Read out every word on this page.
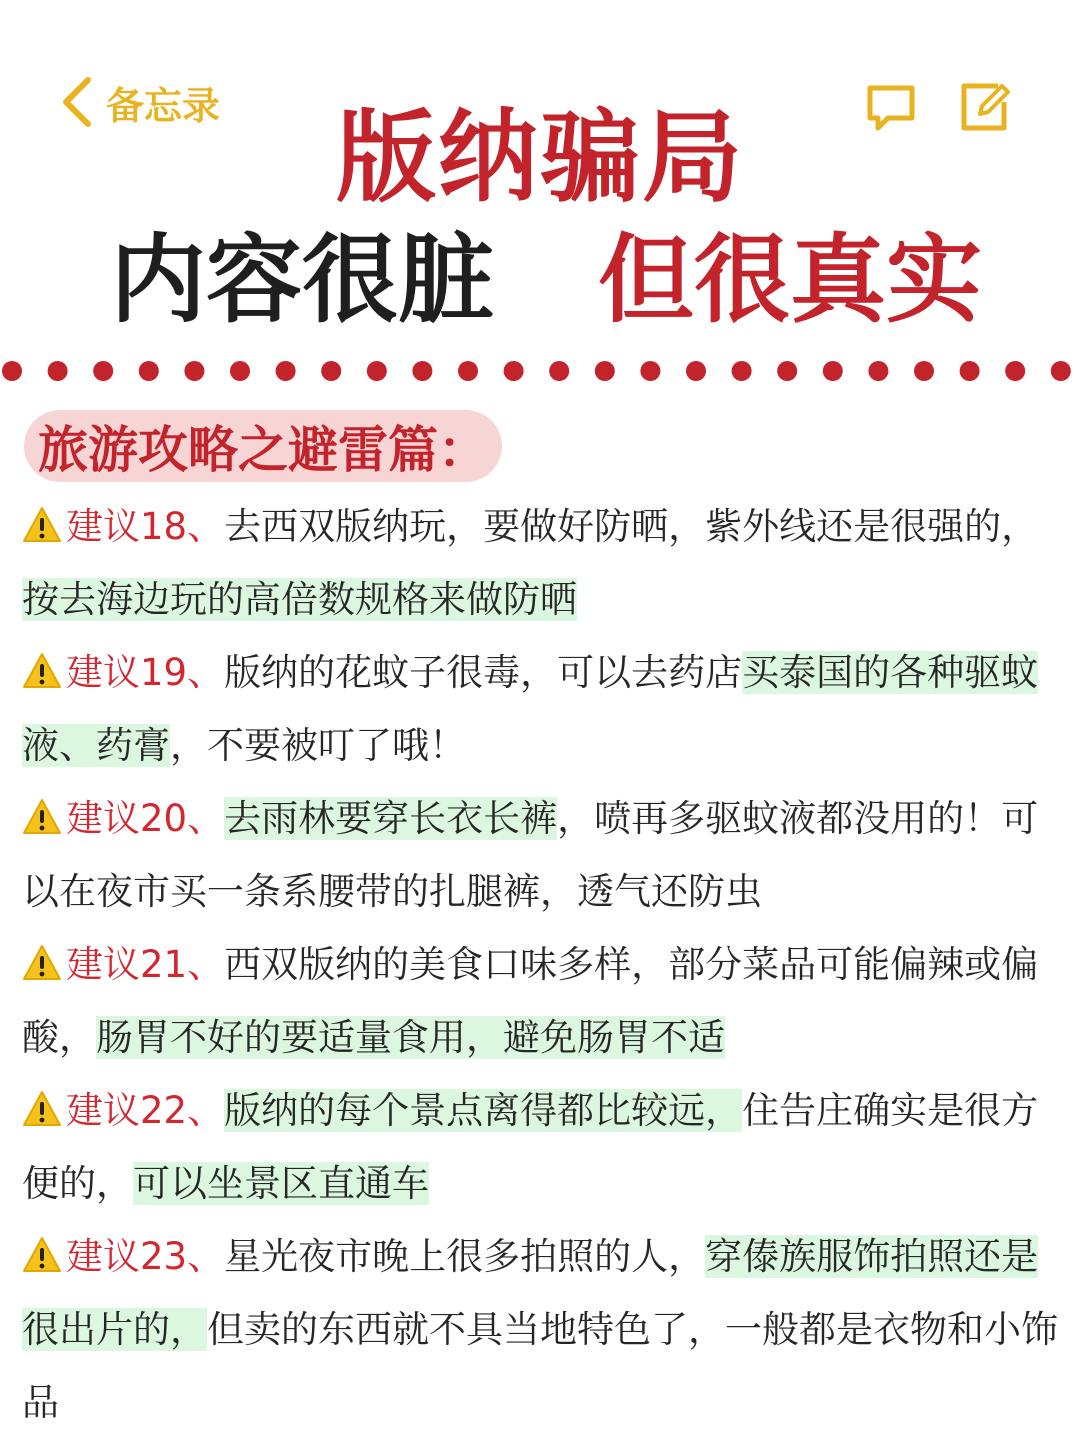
备忘录	版纳骗局
内容很脏 但很真实
旅游攻略之避雷篇：

建议18、去西双版纳玩，要做好防晒，紫外线还是很强的，按去海边玩的高倍数规格来做防晒

建议19、版纳的花蚊子很毒，可以去药店买泰国的各种驱蚊液、药膏，不要被叮了哦！

建议20、去雨林要穿长衣长裤，喷再多驱蚊液都没用的！可以在夜市买一条系腰带的扎腿裤，透气还防虫

建议21、西双版纳的美食口味多样，部分菜品可能偏辣或偏酸，肠胃不好的要适量食用，避免肠胃不适

建议22、版纳的每个景点离得都比较远，住告庄确实是很方便的，可以坐景区直通车

建议23、星光夜市晚上很多拍照的人，穿傣族服饰拍照还是很出片的，但卖的东西就不具当地特色了，一般都是衣物和小饰品
